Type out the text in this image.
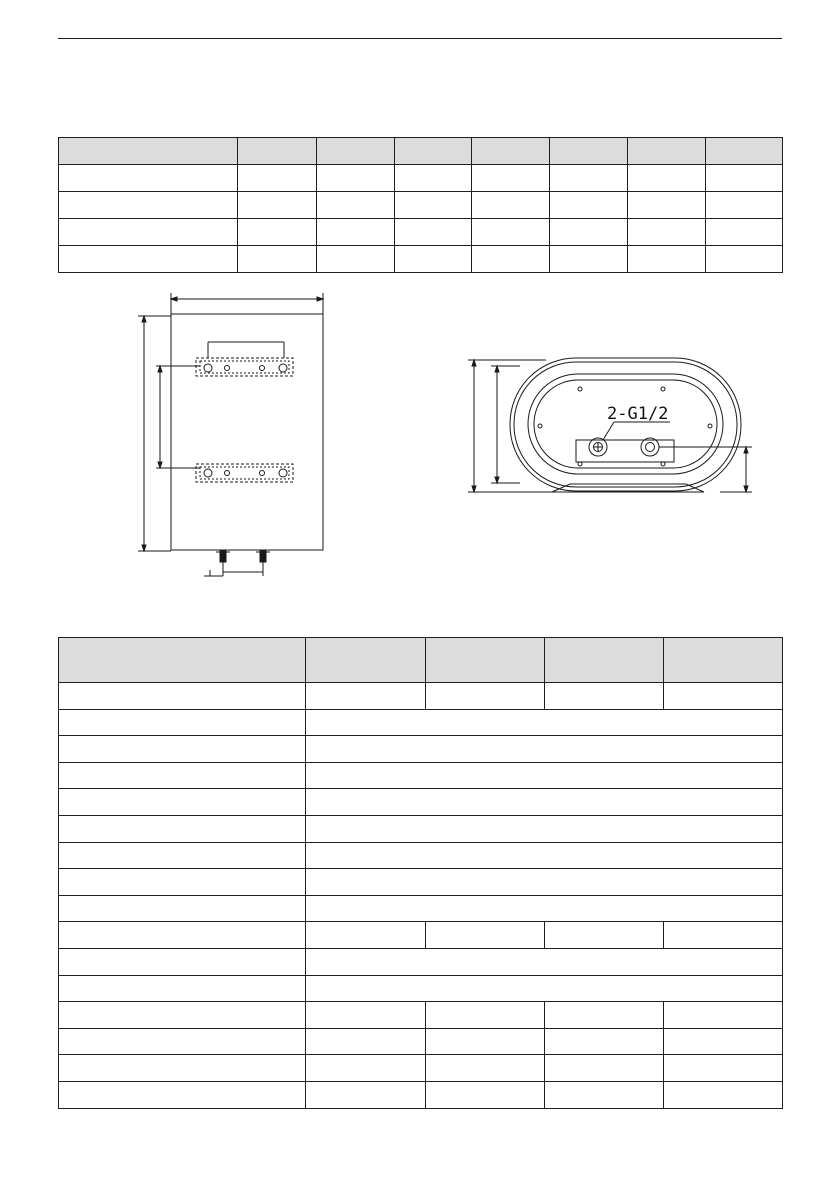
2-G1/2
